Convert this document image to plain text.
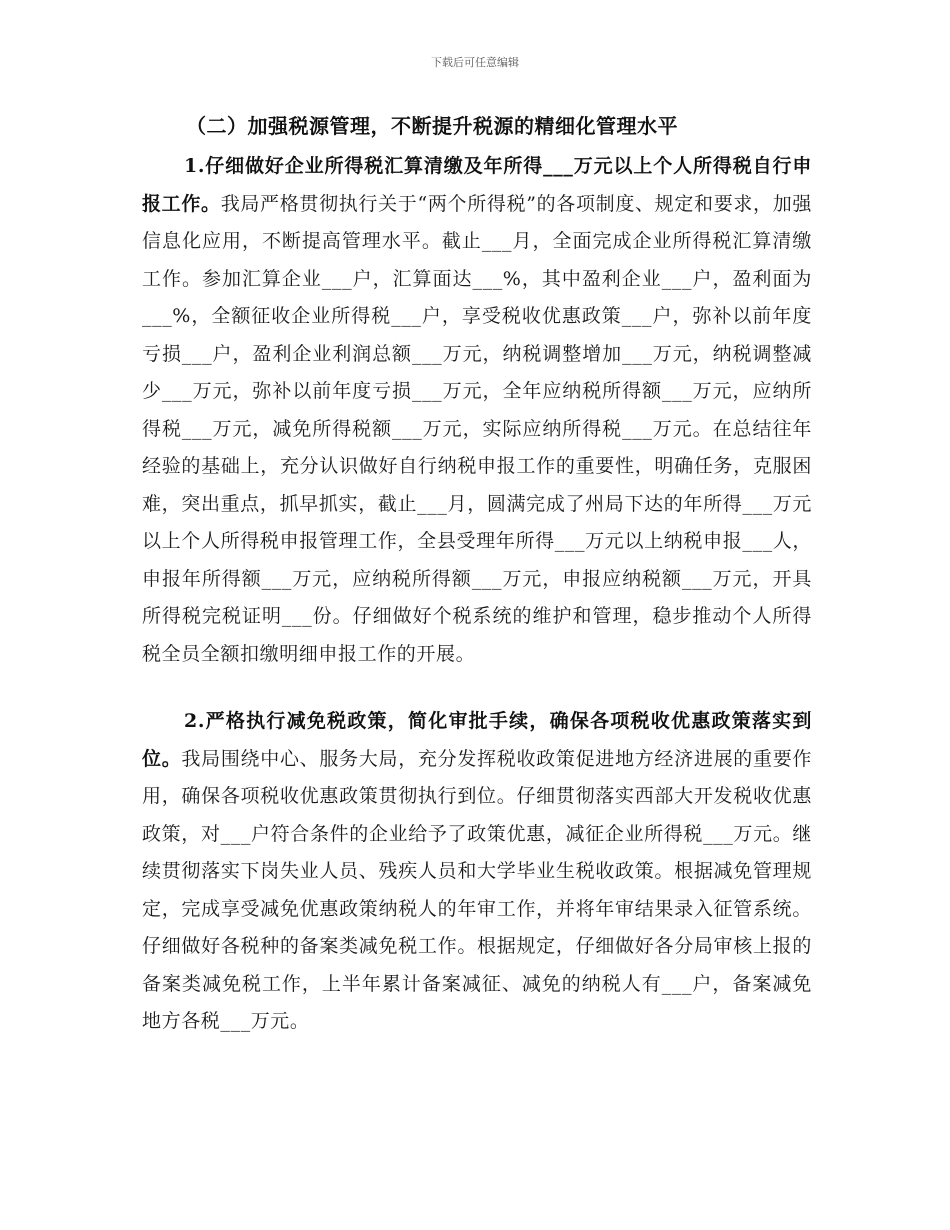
下载后可任意编辑
（二）加强税源管理，不断提升税源的精细化管理水平

1.仔细做好企业所得税汇算清缴及年所得___万元以上个人所得税自行申报工作。我局严格贯彻执行关于“两个所得税”的各项制度、规定和要求，加强信息化应用，不断提高管理水平。截止___月，全面完成企业所得税汇算清缴工作。参加汇算企业___户，汇算面达___%，其中盈利企业___户，盈利面为___%，全额征收企业所得税___户，享受税收优惠政策___户，弥补以前年度亏损___户，盈利企业利润总额___万元，纳税调整增加___万元，纳税调整减少___万元，弥补以前年度亏损___万元，全年应纳税所得额___万元，应纳所得税___万元，减免所得税额___万元，实际应纳所得税___万元。在总结往年经验的基础上，充分认识做好自行纳税申报工作的重要性，明确任务，克服困难，突出重点，抓早抓实，截止___月，圆满完成了州局下达的年所得___万元以上个人所得税申报管理工作，全县受理年所得___万元以上纳税申报___人，申报年所得额___万元，应纳税所得额___万元，申报应纳税额___万元，开具所得税完税证明___份。仔细做好个税系统的维护和管理，稳步推动个人所得税全员全额扣缴明细申报工作的开展。

2.严格执行减免税政策，简化审批手续，确保各项税收优惠政策落实到位。我局围绕中心、服务大局，充分发挥税收政策促进地方经济进展的重要作用，确保各项税收优惠政策贯彻执行到位。仔细贯彻落实西部大开发税收优惠政策，对___户符合条件的企业给予了政策优惠，减征企业所得税___万元。继续贯彻落实下岗失业人员、残疾人员和大学毕业生税收政策。根据减免管理规定，完成享受减免优惠政策纳税人的年审工作，并将年审结果录入征管系统。仔细做好各税种的备案类减免税工作。根据规定，仔细做好各分局审核上报的备案类减免税工作，上半年累计备案减征、减免的纳税人有___户，备案减免地方各税___万元。
